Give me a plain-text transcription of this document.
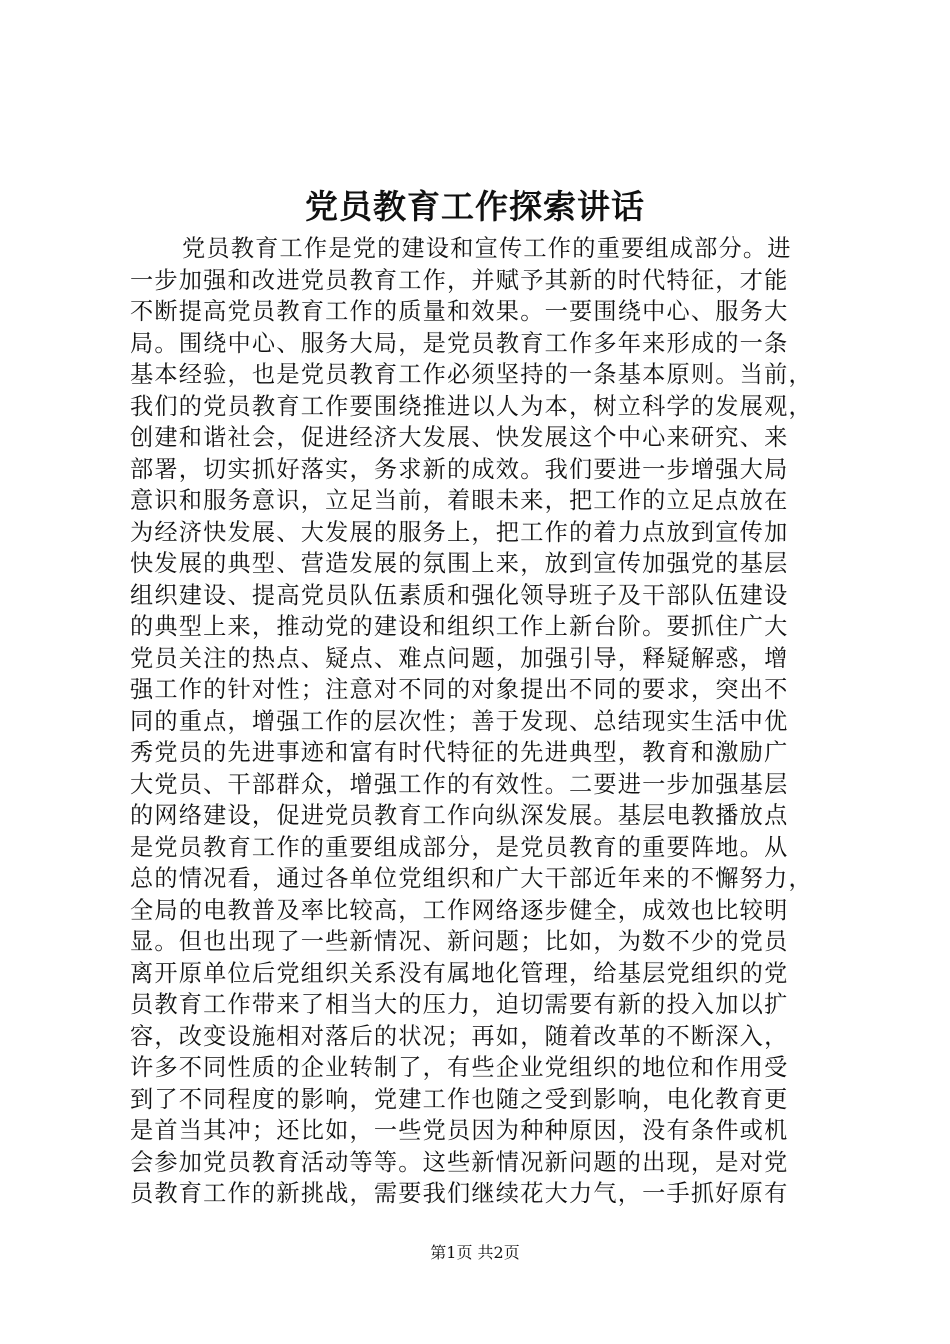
党员教育工作探索讲话
党员教育工作是党的建设和宣传工作的重要组成部分。进
一步加强和改进党员教育工作，并赋予其新的时代特征，才能
不断提高党员教育工作的质量和效果。一要围绕中心、服务大
局。围绕中心、服务大局，是党员教育工作多年来形成的一条
基本经验，也是党员教育工作必须坚持的一条基本原则。当前，
我们的党员教育工作要围绕推进以人为本，树立科学的发展观，
创建和谐社会，促进经济大发展、快发展这个中心来研究、来
部署，切实抓好落实，务求新的成效。我们要进一步增强大局
意识和服务意识，立足当前，着眼未来，把工作的立足点放在
为经济快发展、大发展的服务上，把工作的着力点放到宣传加
快发展的典型、营造发展的氛围上来，放到宣传加强党的基层
组织建设、提高党员队伍素质和强化领导班子及干部队伍建设
的典型上来，推动党的建设和组织工作上新台阶。要抓住广大
党员关注的热点、疑点、难点问题，加强引导，释疑解惑，增
强工作的针对性；注意对不同的对象提出不同的要求，突出不
同的重点，增强工作的层次性；善于发现、总结现实生活中优
秀党员的先进事迹和富有时代特征的先进典型，教育和激励广
大党员、干部群众，增强工作的有效性。二要进一步加强基层
的网络建设，促进党员教育工作向纵深发展。基层电教播放点
是党员教育工作的重要组成部分，是党员教育的重要阵地。从
总的情况看，通过各单位党组织和广大干部近年来的不懈努力，
全局的电教普及率比较高，工作网络逐步健全，成效也比较明
显。但也出现了一些新情况、新问题；比如，为数不少的党员
离开原单位后党组织关系没有属地化管理，给基层党组织的党
员教育工作带来了相当大的压力，迫切需要有新的投入加以扩
容，改变设施相对落后的状况；再如，随着改革的不断深入，
许多不同性质的企业转制了，有些企业党组织的地位和作用受
到了不同程度的影响，党建工作也随之受到影响，电化教育更
是首当其冲；还比如，一些党员因为种种原因，没有条件或机
会参加党员教育活动等等。这些新情况新问题的出现，是对党
员教育工作的新挑战，需要我们继续花大力气，一手抓好原有
第1页 共2页
